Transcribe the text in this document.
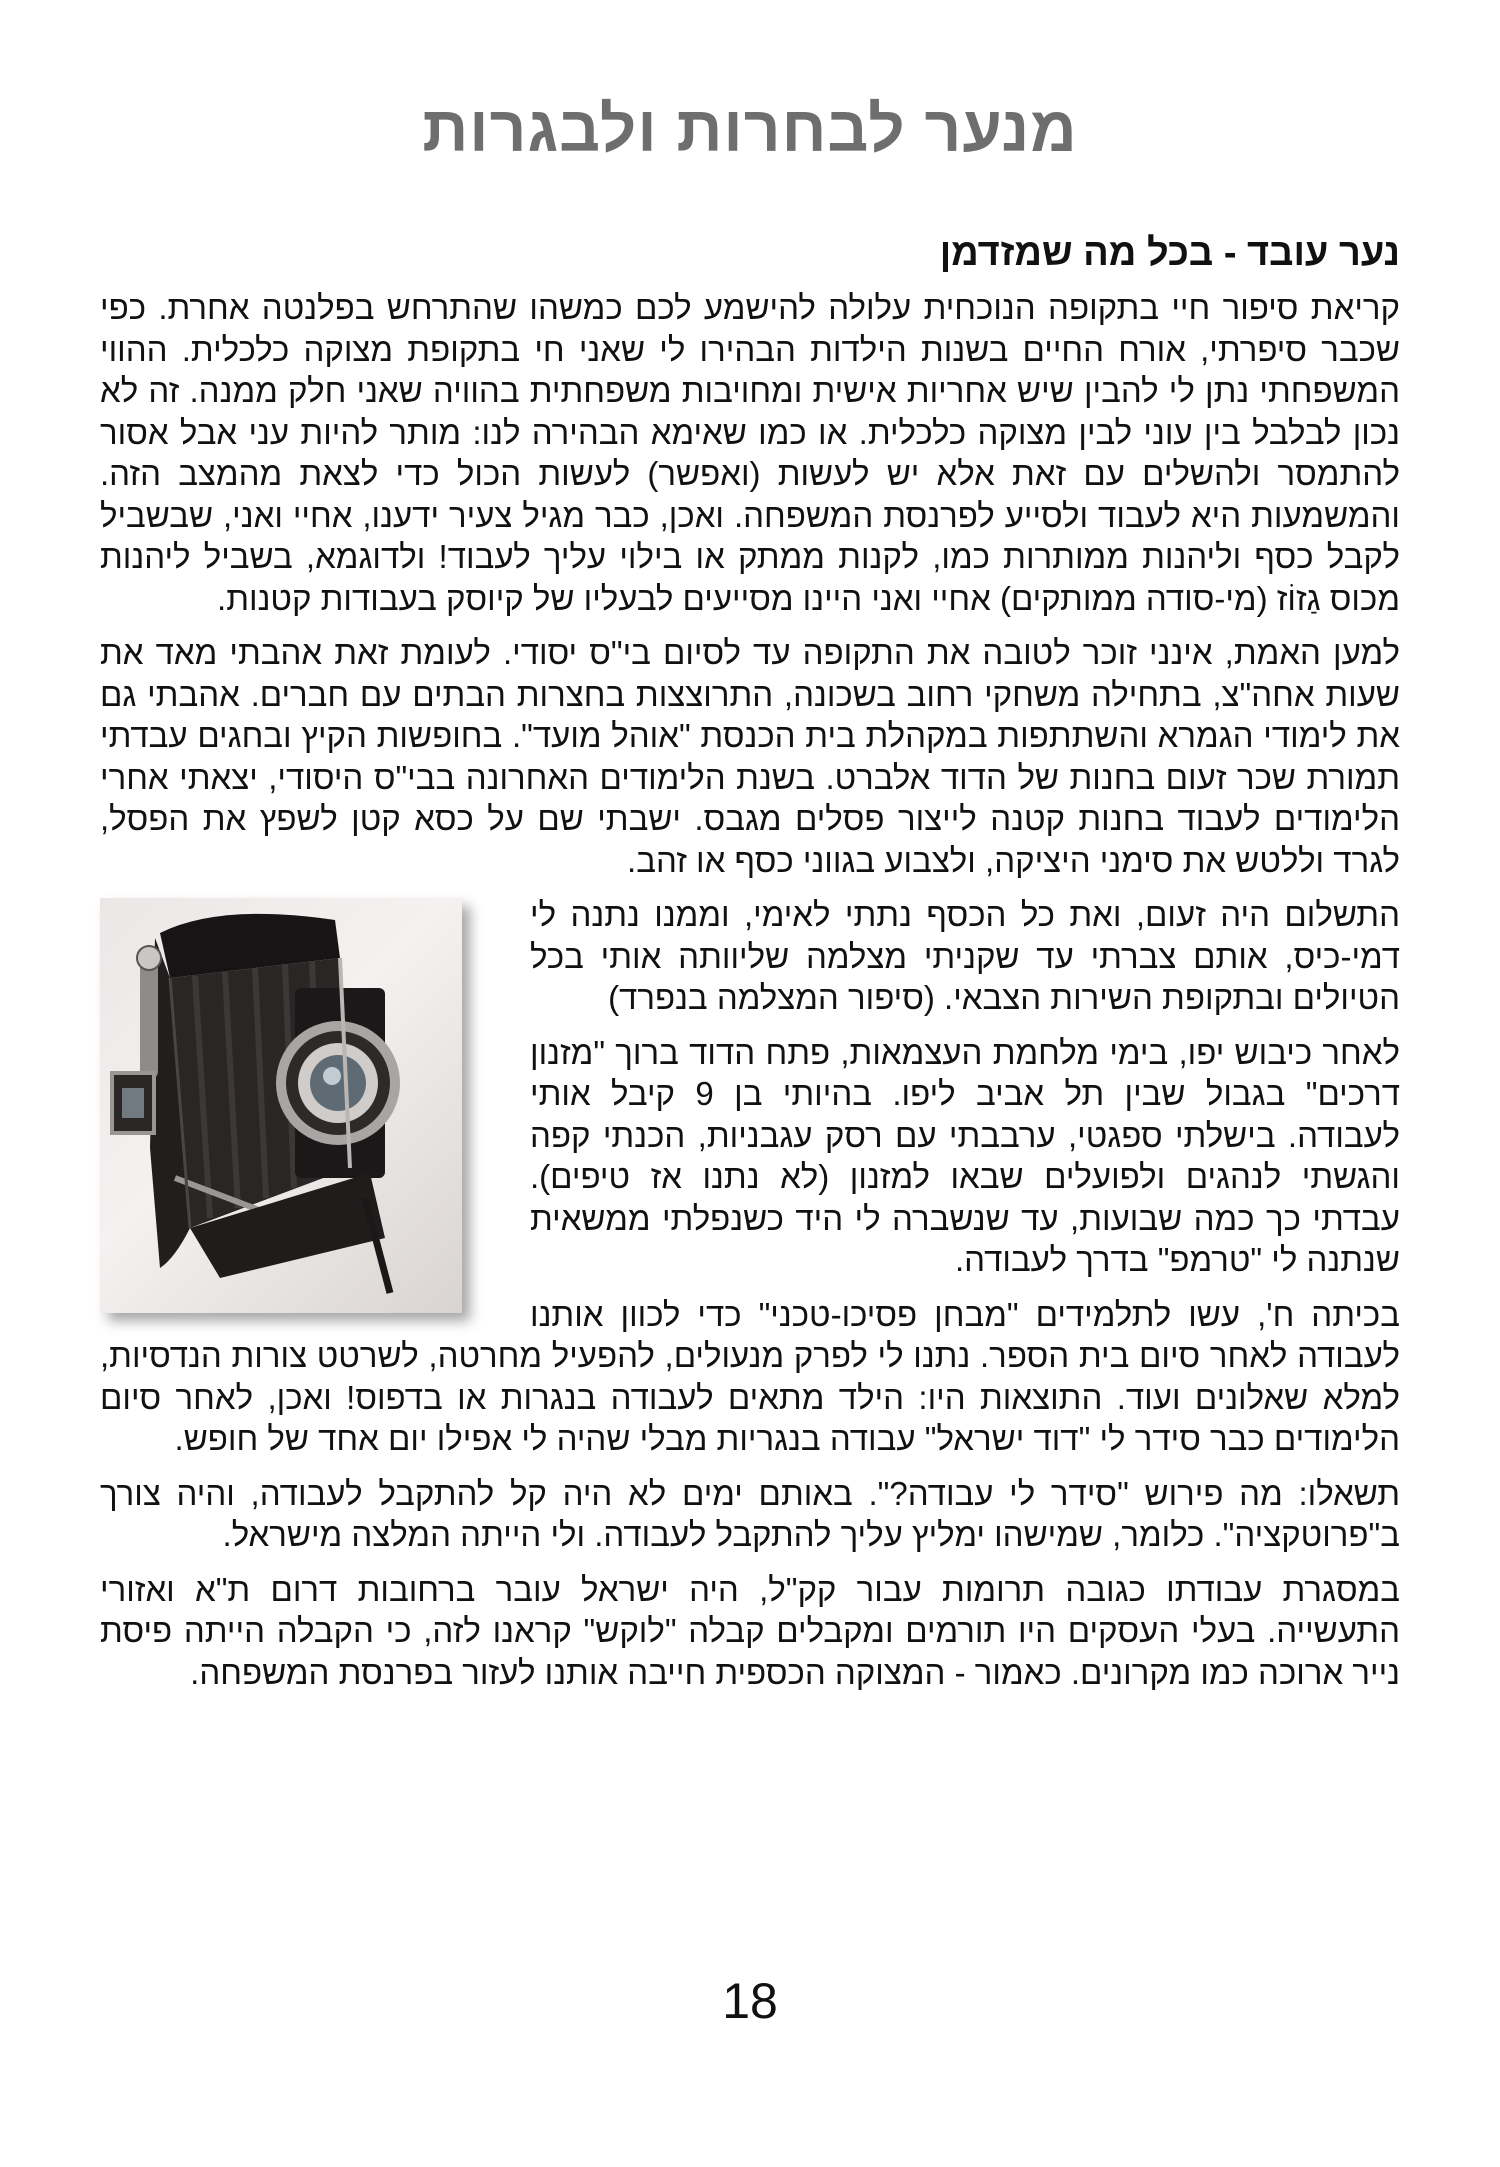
מנער לבחרות ולבגרות
נער עובד - בכל מה שמזדמן

קריאת סיפור חיי בתקופה הנוכחית עלולה להישמע לכם כמשהו שהתרחש בפלנטה אחרת. כפי שכבר סיפרתי, אורח החיים בשנות הילדות הבהירו לי שאני חי בתקופת מצוקה כלכלית. ההווי המשפחתי נתן לי להבין שיש אחריות אישית ומחויבות משפחתית בהוויה שאני חלק ממנה. זה לא נכון לבלבל בין עוני לבין מצוקה כלכלית. או כמו שאימא הבהירה לנו: מותר להיות עני אבל אסור להתמסר ולהשלים עם זאת אלא יש לעשות (ואפשר) לעשות הכול כדי לצאת מהמצב הזה. והמשמעות היא לעבוד ולסייע לפרנסת המשפחה. ואכן, כבר מגיל צעיר ידענו, אחיי ואני, שבשביל לקבל כסף וליהנות ממותרות כמו, לקנות ממתק או בילוי עליך לעבוד! ולדוגמא, בשביל ליהנות מכוס גַזוֹז (מי-סודה ממותקים) אחיי ואני היינו מסייעים לבעליו של קיוסק בעבודות קטנות.

למען האמת, אינני זוכר לטובה את התקופה עד לסיום בי"ס יסודי. לעומת זאת אהבתי מאד את שעות אחה"צ, בתחילה משחקי רחוב בשכונה, התרוצצות בחצרות הבתים עם חברים. אהבתי גם את לימודי הגמרא והשתתפות במקהלת בית הכנסת "אוהל מועד". בחופשות הקיץ ובחגים עבדתי תמורת שכר זעום בחנות של הדוד אלברט. בשנת הלימודים האחרונה בבי"ס היסודי, יצאתי אחרי הלימודים לעבוד בחנות קטנה לייצור פסלים מגבס. ישבתי שם על כסא קטן לשפץ את הפסל, לגרד וללטש את סימני היציקה, ולצבוע בגווני כסף או זהב.

התשלום היה זעום, ואת כל הכסף נתתי לאימי, וממנו נתנה לי דמי-כיס, אותם צברתי עד שקניתי מצלמה שליוותה אותי בכל הטיולים ובתקופת השירות הצבאי. (סיפור המצלמה בנפרד)

לאחר כיבוש יפו, בימי מלחמת העצמאות, פתח הדוד ברוך "מזנון דרכים" בגבול שבין תל אביב ליפו. בהיותי בן 9 קיבל אותי לעבודה. בישלתי ספגטי, ערבבתי עם רסק עגבניות, הכנתי קפה והגשתי לנהגים ולפועלים שבאו למזנון (לא נתנו אז טיפים). עבדתי כך כמה שבועות, עד שנשברה לי היד כשנפלתי ממשאית שנתנה לי "טרמפ" בדרך לעבודה.

בכיתה ח', עשו לתלמידים "מבחן פסיכו-טכני" כדי לכוון אותנו לעבודה לאחר סיום בית הספר. נתנו לי לפרק מנעולים, להפעיל מחרטה, לשרטט צורות הנדסיות, למלא שאלונים ועוד. התוצאות היו: הילד מתאים לעבודה בנגרות או בדפוס! ואכן, לאחר סיום הלימודים כבר סידר לי "דוד ישראל" עבודה בנגריות מבלי שהיה לי אפילו יום אחד של חופש.

תשאלו: מה פירוש "סידר לי עבודה?". באותם ימים לא היה קל להתקבל לעבודה, והיה צורך ב"פרוטקציה". כלומר, שמישהו ימליץ עליך להתקבל לעבודה. ולי הייתה המלצה מישראל.

במסגרת עבודתו כגובה תרומות עבור קק"ל, היה ישראל עובר ברחובות דרום ת"א ואזורי התעשייה. בעלי העסקים היו תורמים ומקבלים קבלה "לוקש" קראנו לזה, כי הקבלה הייתה פיסת נייר ארוכה כמו מקרונים. כאמור - המצוקה הכספית חייבה אותנו לעזור בפרנסת המשפחה.

18
